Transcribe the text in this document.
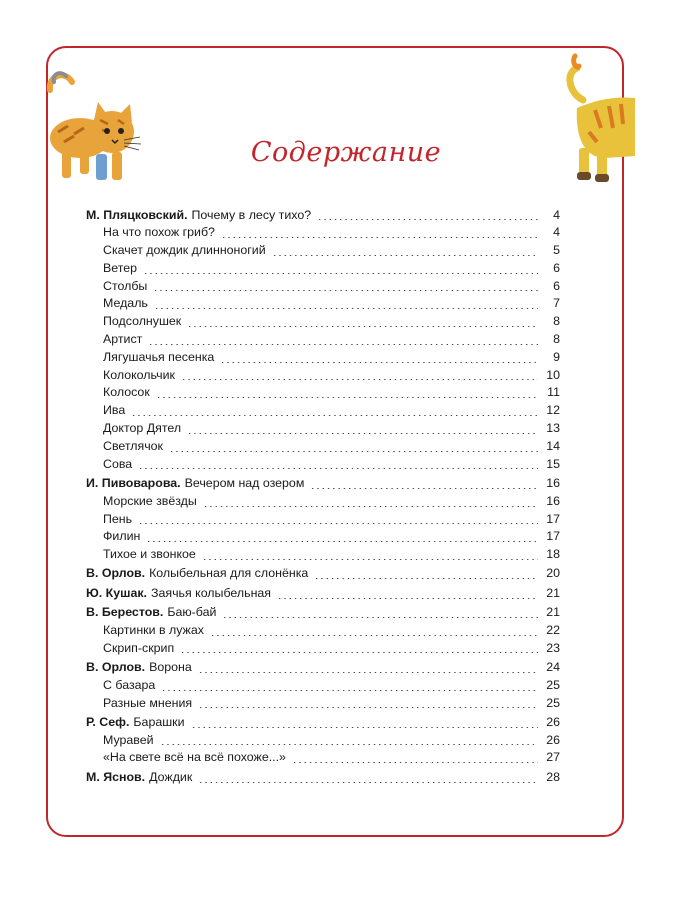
Содержание
М. Пляцковский. Почему в лесу тихо?	4
На что похож гриб?	4
Скачет дождик длинноногий	5
Ветер	6
Столбы	6
Медаль	7
Подсолнушек	8
Артист	8
Лягушачья песенка	9
Колокольчик	10
Колосок	11
Ива	12
Доктор Дятел	13
Светлячок	14
Сова	15
И. Пивоварова. Вечером над озером	16
Морские звёзды	16
Пень	17
Филин	17
Тихое и звонкое	18
В. Орлов. Колыбельная для слонёнка	20
Ю. Кушак. Заячья колыбельная	21
В. Берестов. Баю-бай	21
Картинки в лужах	22
Скрип-скрип	23
В. Орлов. Ворона	24
С базара	25
Разные мнения	25
Р. Сеф. Барашки	26
Муравей	26
«На свете всё на всё похоже...»	27
М. Яснов. Дождик	28
